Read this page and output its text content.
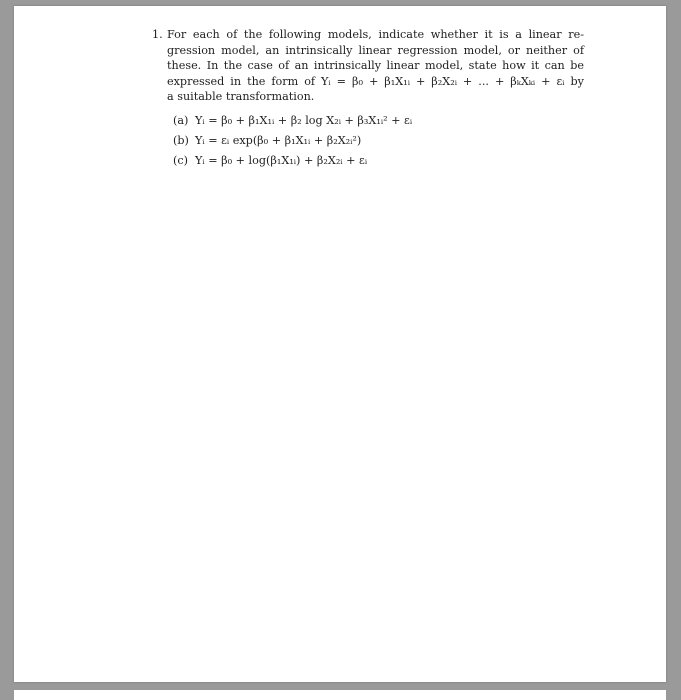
1. For each of the following models, indicate whether it is a linear re-
gression model, an intrinsically linear regression model, or neither of
these. In the case of an intrinsically linear model, state how it can be
expressed in the form of Yᵢ = β₀ + β₁X₁ᵢ + β₂X₂ᵢ + ... + βₖXₖᵢ + εᵢ by
a suitable transformation.
(a) Yᵢ = β₀ + β₁X₁ᵢ + β₂ log X₂ᵢ + β₃X₁ᵢ² + εᵢ
(b) Yᵢ = εᵢ exp(β₀ + β₁X₁ᵢ + β₂X₂ᵢ²)
(c) Yᵢ = β₀ + log(β₁X₁ᵢ) + β₂X₂ᵢ + εᵢ
